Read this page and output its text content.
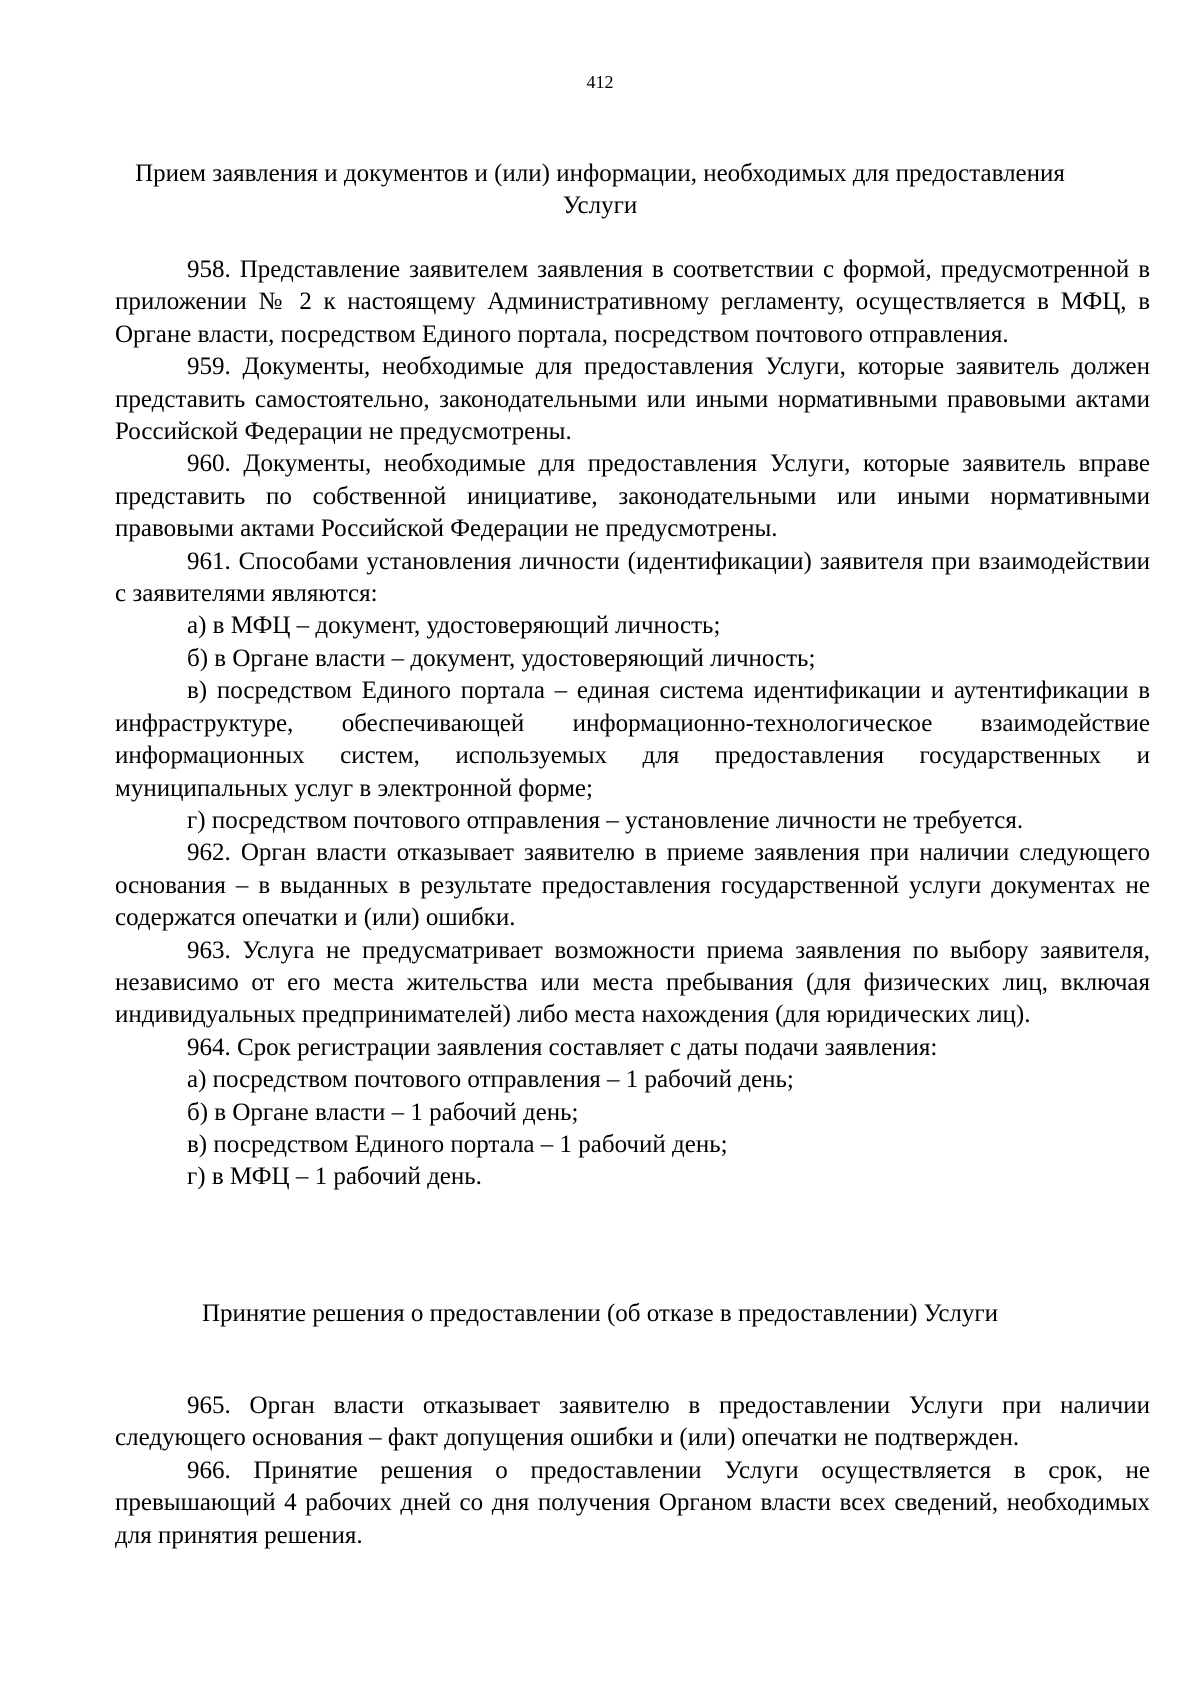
412
Прием заявления и документов и (или) информации, необходимых для предоставления Услуги

958. Представление заявителем заявления в соответствии с формой, предусмотренной в приложении № 2 к настоящему Административному регламенту, осуществляется в МФЦ, в Органе власти, посредством Единого портала, посредством почтового отправления.

959. Документы, необходимые для предоставления Услуги, которые заявитель должен представить самостоятельно, законодательными или иными нормативными правовыми актами Российской Федерации не предусмотрены.

960. Документы, необходимые для предоставления Услуги, которые заявитель вправе представить по собственной инициативе, законодательными или иными нормативными правовыми актами Российской Федерации не предусмотрены.

961. Способами установления личности (идентификации) заявителя при взаимодействии с заявителями являются:

а) в МФЦ – документ, удостоверяющий личность;

б) в Органе власти – документ, удостоверяющий личность;

в) посредством Единого портала – единая система идентификации и аутентификации в инфраструктуре, обеспечивающей информационно-технологическое взаимодействие информационных систем, используемых для предоставления государственных и муниципальных услуг в электронной форме;

г) посредством почтового отправления – установление личности не требуется.

962. Орган власти отказывает заявителю в приеме заявления при наличии следующего основания – в выданных в результате предоставления государственной услуги документах не содержатся опечатки и (или) ошибки.

963. Услуга не предусматривает возможности приема заявления по выбору заявителя, независимо от его места жительства или места пребывания (для физических лиц, включая индивидуальных предпринимателей) либо места нахождения (для юридических лиц).

964. Срок регистрации заявления составляет с даты подачи заявления:

а) посредством почтового отправления – 1 рабочий день;

б) в Органе власти – 1 рабочий день;

в) посредством Единого портала – 1 рабочий день;

г) в МФЦ – 1 рабочий день.

Принятие решения о предоставлении (об отказе в предоставлении) Услуги

965. Орган власти отказывает заявителю в предоставлении Услуги при наличии следующего основания – факт допущения ошибки и (или) опечатки не подтвержден.

966. Принятие решения о предоставлении Услуги осуществляется в срок, не превышающий 4 рабочих дней со дня получения Органом власти всех сведений, необходимых для принятия решения.
